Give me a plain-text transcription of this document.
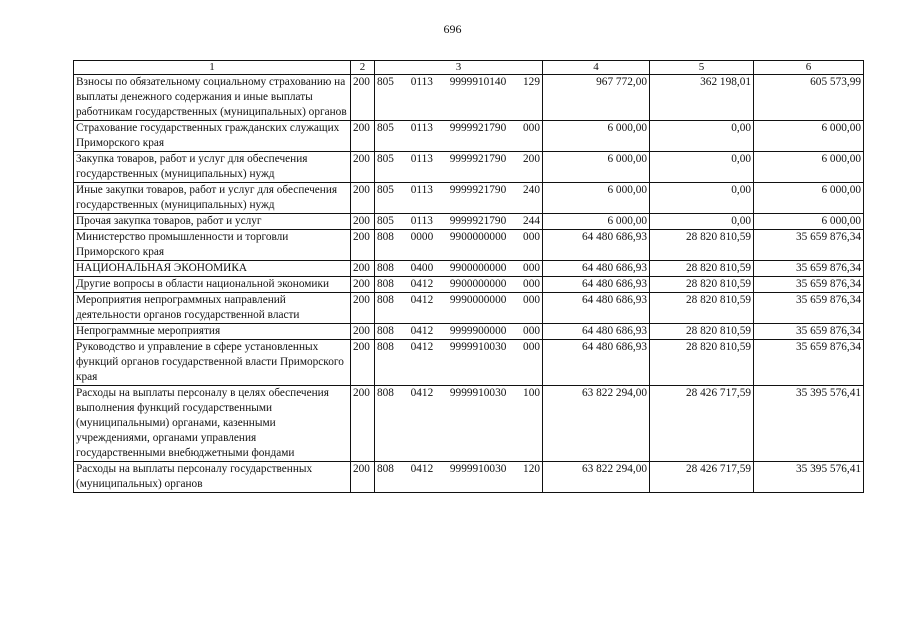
696
1	2	3	4	5	6
Взносы по обязательному социальному страхованию на выплаты денежного содержания и иные выплаты работникам государственных (муниципальных) органов	200	805 0113 9999910140 129	967 772,00	362 198,01	605 573,99
Страхование государственных гражданских служащих Приморского края	200	805 0113 9999921790 000	6 000,00	0,00	6 000,00
Закупка товаров, работ и услуг для обеспечения государственных (муниципальных) нужд	200	805 0113 9999921790 200	6 000,00	0,00	6 000,00
Иные закупки товаров, работ и услуг для обеспечения государственных (муниципальных) нужд	200	805 0113 9999921790 240	6 000,00	0,00	6 000,00
Прочая закупка товаров, работ и услуг	200	805 0113 9999921790 244	6 000,00	0,00	6 000,00
Министерство промышленности и торговли Приморского края	200	808 0000 9900000000 000	64 480 686,93	28 820 810,59	35 659 876,34
НАЦИОНАЛЬНАЯ ЭКОНОМИКА	200	808 0400 9900000000 000	64 480 686,93	28 820 810,59	35 659 876,34
Другие вопросы в области национальной экономики	200	808 0412 9900000000 000	64 480 686,93	28 820 810,59	35 659 876,34
Мероприятия непрограммных направлений деятельности органов государственной власти	200	808 0412 9990000000 000	64 480 686,93	28 820 810,59	35 659 876,34
Непрограммные мероприятия	200	808 0412 9999900000 000	64 480 686,93	28 820 810,59	35 659 876,34
Руководство и управление в сфере установленных функций органов государственной власти Приморского края	200	808 0412 9999910030 000	64 480 686,93	28 820 810,59	35 659 876,34
Расходы на выплаты персоналу в целях обеспечения выполнения функций государственными (муниципальными) органами, казенными учреждениями, органами управления государственными внебюджетными фондами	200	808 0412 9999910030 100	63 822 294,00	28 426 717,59	35 395 576,41
Расходы на выплаты персоналу государственных (муниципальных) органов	200	808 0412 9999910030 120	63 822 294,00	28 426 717,59	35 395 576,41
